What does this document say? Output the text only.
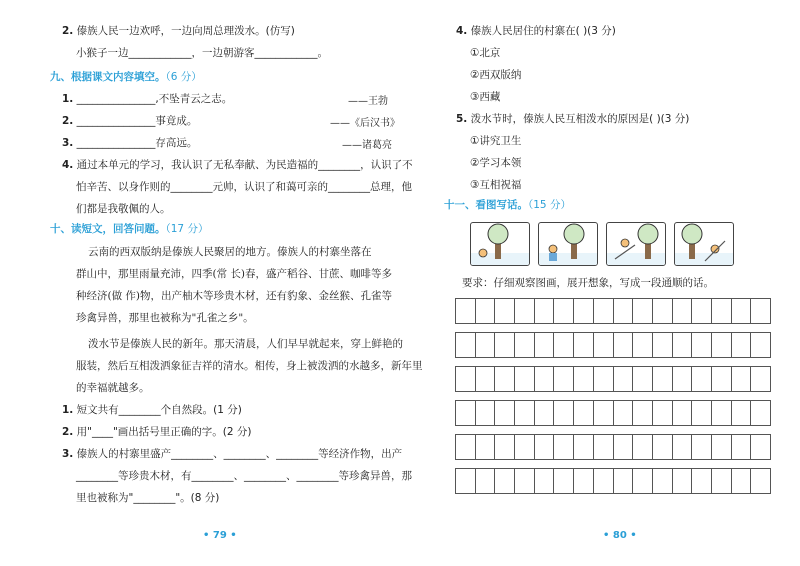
2. 傣族人民一边欢呼，一边向周总理泼水。(仿写)
小猴子一边____________，一边朝游客____________。
九、根据课文内容填空。（6 分）
1. _______________,不坠青云之志。	——王勃
2. _______________事竟成。	——《后汉书》
3. _______________存高远。	——诸葛亮
4. 通过本单元的学习，我认识了无私奉献、为民造福的________，认识了不
怕辛苦、以身作则的________元帅，认识了和蔼可亲的________总理，他
们都是我敬佩的人。
十、读短文，回答问题。（17 分）
云南的西双版纳是傣族人民聚居的地方。傣族人的村寨坐落在
群山中，那里雨量充沛，四季(常 长)春，盛产稻谷、甘蔗、咖啡等多
种经济(做 作)物，出产柚木等珍贵木材，还有豹象、金丝猴、孔雀等
珍禽异兽，那里也被称为"孔雀之乡"。
泼水节是傣族人民的新年。那天清晨，人们早早就起来，穿上鲜艳的
服装，然后互相泼洒象征吉祥的清水。相传，身上被泼洒的水越多，新年里
的幸福就越多。
1. 短文共有________个自然段。(1 分)
2. 用"____"画出括号里正确的字。(2 分)
3. 傣族人的村寨里盛产________、________、________等经济作物，出产
________等珍贵木材，有________、________、________等珍禽异兽，那
里也被称为"________"。(8 分)
• 79 •
4. 傣族人民居住的村寨在( )(3 分)
①北京
②西双版纳
③西藏
5. 泼水节时，傣族人民互相泼水的原因是( )(3 分)
①讲究卫生
②学习本领
③互相祝福
十一、看图写话。（15 分）
要求：仔细观察图画，展开想象，写成一段通顺的话。
• 80 •
